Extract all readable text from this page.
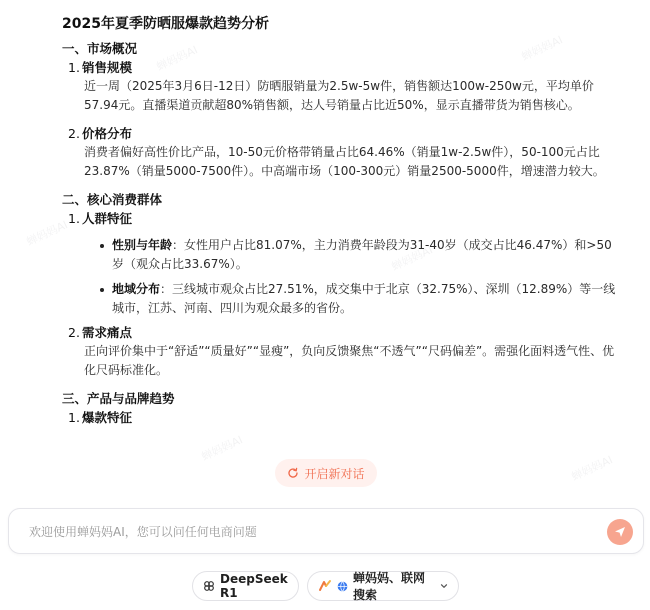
蝉妈妈AI	蝉妈妈AI
蝉妈妈AI
蝉妈妈AI
蝉妈妈AI
蝉妈妈AI
2025年夏季防晒服爆款趋势分析
一、市场概况
1. 销售规模
近一周（2025年3月6日-12日）防晒服销量为2.5w-5w件，销售额达100w-250w元，平均单价57.94元。直播渠道贡献超80%销售额，达人号销量占比近50%，显示直播带货为销售核心。
2. 价格分布
消费者偏好高性价比产品，10-50元价格带销量占比64.46%（销量1w-2.5w件），50-100元占比23.87%（销量5000-7500件）。中高端市场（100-300元）销量2500-5000件，增速潜力较大。
二、核心消费群体
1. 人群特征
性别与年龄：女性用户占比81.07%，主力消费年龄段为31-40岁（成交占比46.47%）和>50岁（观众占比33.67%）。
地域分布：三线城市观众占比27.51%，成交集中于北京（32.75%）、深圳（12.89%）等一线城市，江苏、河南、四川为观众最多的省份。
2. 需求痛点
正向评价集中于“舒适”“质量好”“显瘦”，负向反馈聚焦“不透气”“尺码偏差”。需强化面料透气性、优化尺码标准化。
三、产品与品牌趋势
1. 爆款特征
开启新对话
欢迎使用蝉妈妈AI，您可以问任何电商问题
DeepSeek R1
蝉妈妈、联网搜索
